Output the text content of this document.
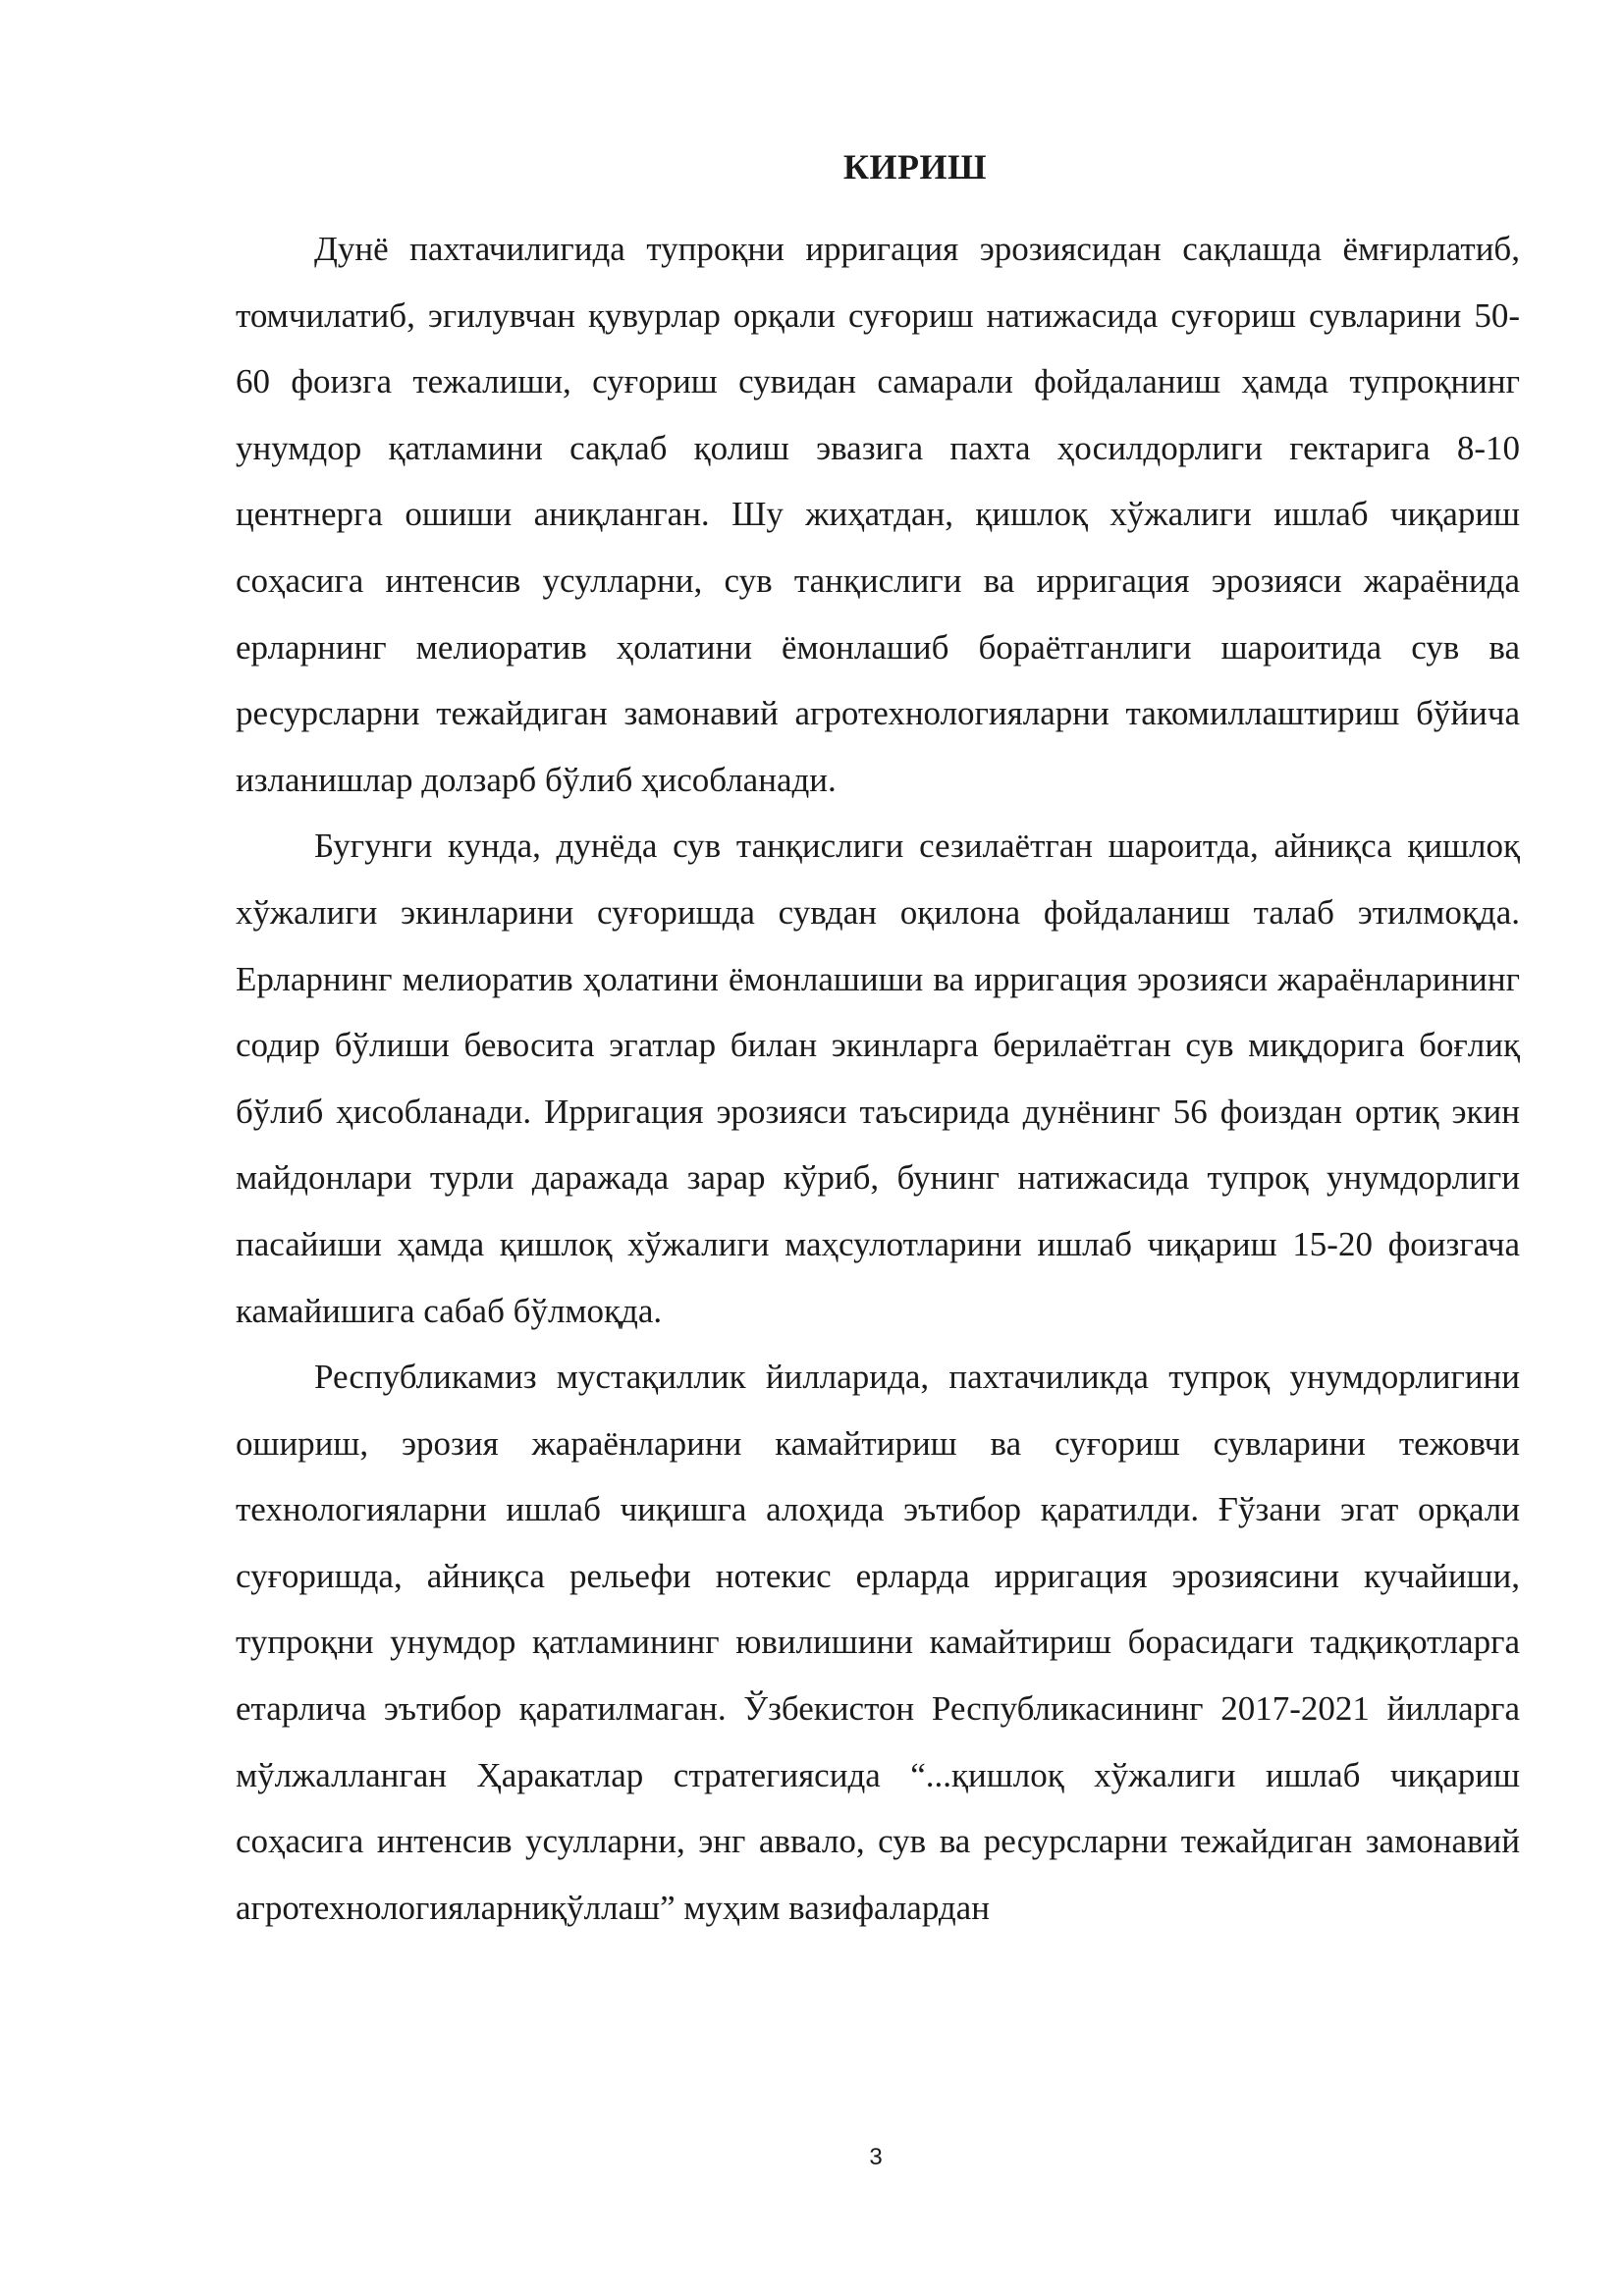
КИРИШ

Дунё пахтачилигида тупроқни ирригация эрозиясидан сақлашда ёмғирлатиб, томчилатиб, эгилувчан қувурлар орқали суғориш натижасида суғориш сувларини 50-60 фоизга тежалиши, суғориш сувидан самарали фойдаланиш ҳамда тупроқнинг унумдор қатламини сақлаб қолиш эвазига пахта ҳосилдорлиги гектарига 8-10 центнерга ошиши аниқланган. Шу жиҳатдан, қишлоқ хўжалиги ишлаб чиқариш соҳасига интенсив усулларни, сув танқислиги ва ирригация эрозияси жараёнида ерларнинг мелиоратив ҳолатини ёмонлашиб бораётганлиги шароитида сув ва ресурсларни тежайдиган замонавий агротехнологияларни такомиллаштириш бўйича изланишлар долзарб бўлиб ҳисобланади.

Бугунги кунда, дунёда сув танқислиги сезилаётган шароитда, айниқса қишлоқ хўжалиги экинларини суғоришда сувдан оқилона фойдаланиш талаб этилмоқда. Ерларнинг мелиоратив ҳолатини ёмонлашиши ва ирригация эрозияси жараёнларининг содир бўлиши бевосита эгатлар билан экинларга берилаётган сув миқдорига боғлиқ бўлиб ҳисобланади. Ирригация эрозияси таъсирида дунёнинг 56 фоиздан ортиқ экин майдонлари турли даражада зарар кўриб, бунинг натижасида тупроқ унумдорлиги пасайиши ҳамда қишлоқ хўжалиги маҳсулотларини ишлаб чиқариш 15-20 фоизгача камайишига сабаб бўлмоқда.

Республикамиз мустақиллик йилларида, пахтачиликда тупроқ унумдорлигини ошириш, эрозия жараёнларини камайтириш ва суғориш сувларини тежовчи технологияларни ишлаб чиқишга алоҳида эътибор қаратилди. Ғўзани эгат орқали суғоришда, айниқса рельефи нотекис ерларда ирригация эрозиясини кучайиши, тупроқни унумдор қатламининг ювилишини камайтириш борасидаги тадқиқотларга етарлича эътибор қаратилмаган. Ўзбекистон Республикасининг 2017-2021 йилларга мўлжалланган Ҳаракатлар стратегиясида “...қишлоқ хўжалиги ишлаб чиқариш соҳасига интенсив усулларни, энг аввало, сув ва ресурсларни тежайдиган замонавий агротехнологияларниқўллаш” муҳим вазифалардан

3
